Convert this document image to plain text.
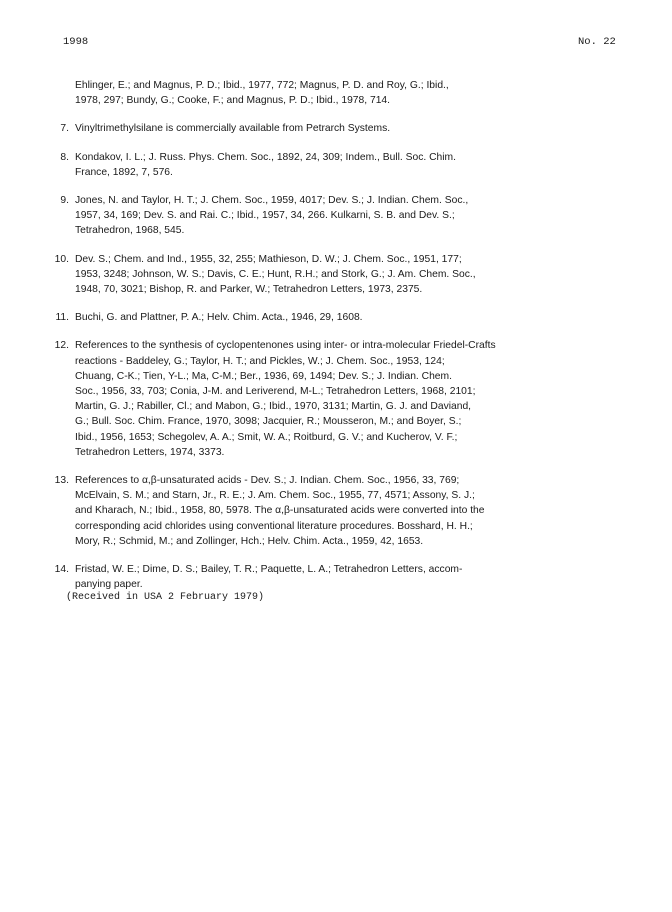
1998	No. 22
Ehlinger, E.; and Magnus, P. D.; Ibid., 1977, 772; Magnus, P. D. and Roy, G.; Ibid.,
1978, 297; Bundy, G.; Cooke, F.; and Magnus, P. D.; Ibid., 1978, 714.
7. Vinyltrimethylsilane is commercially available from Petrarch Systems.
8. Kondakov, I. L.; J. Russ. Phys. Chem. Soc., 1892, 24, 309; Indem., Bull. Soc. Chim.
France, 1892, 7, 576.
9. Jones, N. and Taylor, H. T.; J. Chem. Soc., 1959, 4017; Dev. S.; J. Indian. Chem. Soc.,
1957, 34, 169; Dev. S. and Rai. C.; Ibid., 1957, 34, 266. Kulkarni, S. B. and Dev. S.;
Tetrahedron, 1968, 545.
10. Dev. S.; Chem. and Ind., 1955, 32, 255; Mathieson, D. W.; J. Chem. Soc., 1951, 177;
1953, 3248; Johnson, W. S.; Davis, C. E.; Hunt, R.H.; and Stork, G.; J. Am. Chem. Soc.,
1948, 70, 3021; Bishop, R. and Parker, W.; Tetrahedron Letters, 1973, 2375.
11. Buchi, G. and Plattner, P. A.; Helv. Chim. Acta., 1946, 29, 1608.
12. References to the synthesis of cyclopentenones using inter- or intra-molecular Friedel-Crafts
reactions - Baddeley, G.; Taylor, H. T.; and Pickles, W.; J. Chem. Soc., 1953, 124;
Chuang, C-K.; Tien, Y-L.; Ma, C-M.; Ber., 1936, 69, 1494; Dev. S.; J. Indian. Chem.
Soc., 1956, 33, 703; Conia, J-M. and Leriverend, M-L.; Tetrahedron Letters, 1968, 2101;
Martin, G. J.; Rabiller, Cl.; and Mabon, G.; Ibid., 1970, 3131; Martin, G. J. and Daviand,
G.; Bull. Soc. Chim. France, 1970, 3098; Jacquier, R.; Mousseron, M.; and Boyer, S.;
Ibid., 1956, 1653; Schegolev, A. A.; Smit, W. A.; Roitburd, G. V.; and Kucherov, V. F.;
Tetrahedron Letters, 1974, 3373.
13. References to α,β-unsaturated acids - Dev. S.; J. Indian. Chem. Soc., 1956, 33, 769;
McElvain, S. M.; and Starn, Jr., R. E.; J. Am. Chem. Soc., 1955, 77, 4571; Assony, S. J.;
and Kharach, N.; Ibid., 1958, 80, 5978. The α,β-unsaturated acids were converted into the
corresponding acid chlorides using conventional literature procedures. Bosshard, H. H.;
Mory, R.; Schmid, M.; and Zollinger, Hch.; Helv. Chim. Acta., 1959, 42, 1653.
14. Fristad, W. E.; Dime, D. S.; Bailey, T. R.; Paquette, L. A.; Tetrahedron Letters, accom-
panying paper.
(Received in USA 2 February 1979)
